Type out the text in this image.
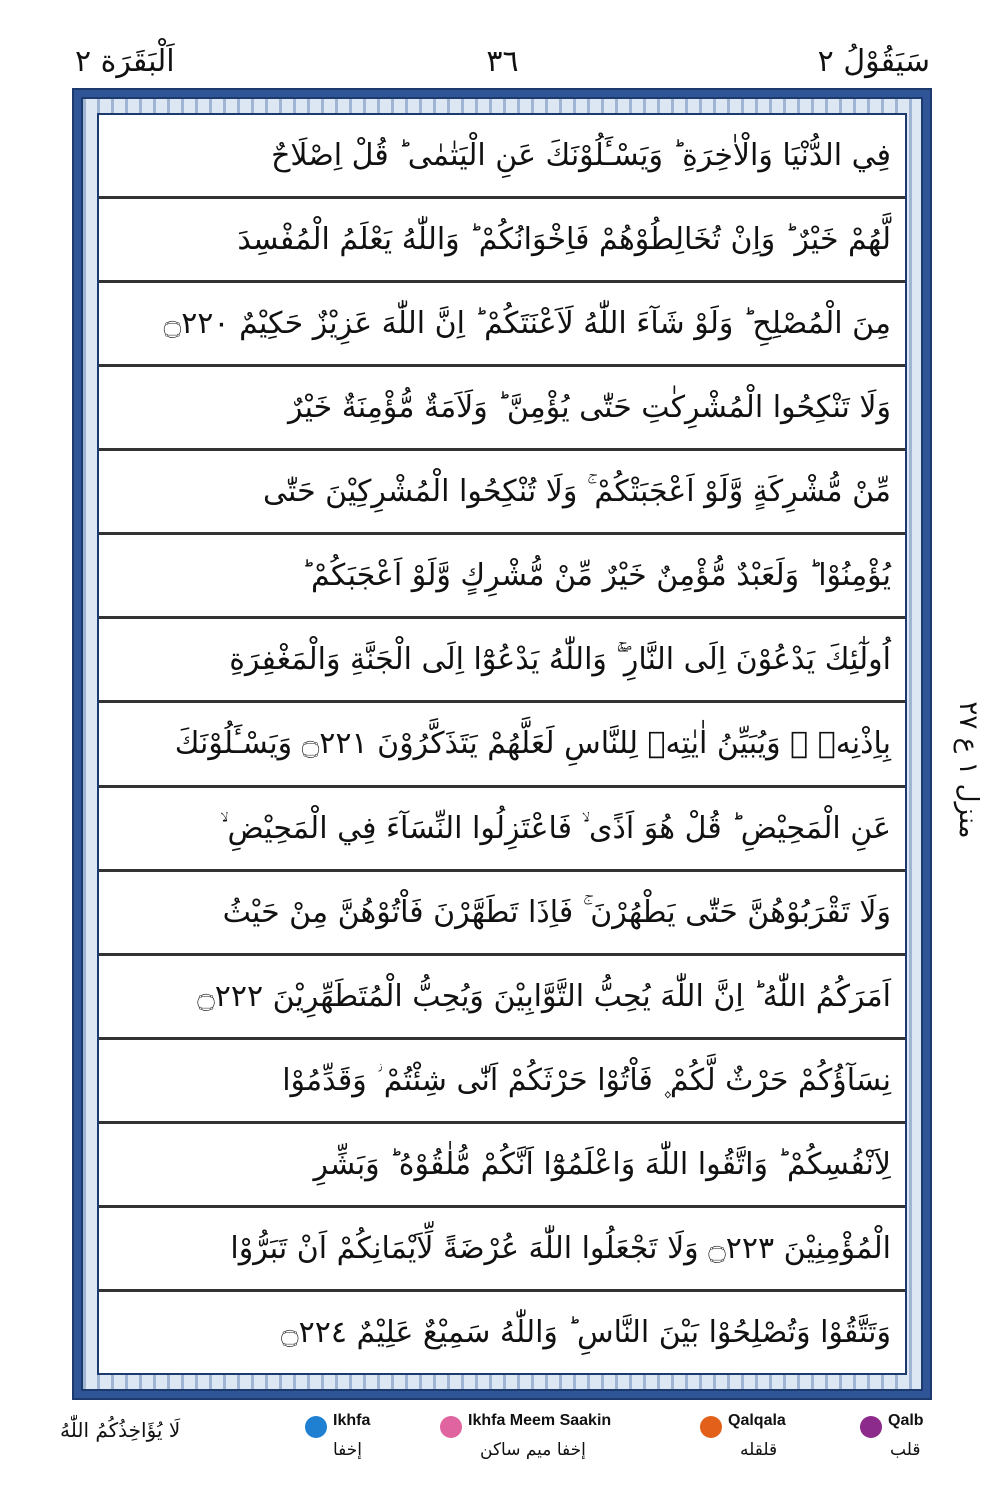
اَلْبَقَرَة ٢	٣٦	سَيَقُوْلُ ٢
فِي الدُّنْيَا وَالْاٰخِرَةِ ؕ وَيَسْـَٔلُوْنَكَ عَنِ الْيَتٰمٰى ؕ قُلْ اِصْلَاحٌ
لَّهُمْ خَيْرٌ ؕ وَاِنْ تُخَالِطُوْهُمْ فَاِخْوَانُكُمْ ؕ وَاللّٰهُ يَعْلَمُ الْمُفْسِدَ
مِنَ الْمُصْلِحِ ؕ وَلَوْ شَآءَ اللّٰهُ لَاَعْنَتَكُمْ ؕ اِنَّ اللّٰهَ عَزِيْزٌ حَكِيْمٌ ۝٢٢٠
وَلَا تَنْكِحُوا الْمُشْرِكٰتِ حَتّٰى يُؤْمِنَّ ؕ وَلَاَمَةٌ مُّؤْمِنَةٌ خَيْرٌ
مِّنْ مُّشْرِكَةٍ وَّلَوْ اَعْجَبَتْكُمْ ۚ وَلَا تُنْكِحُوا الْمُشْرِكِيْنَ حَتّٰى
يُؤْمِنُوْا ؕ وَلَعَبْدٌ مُّؤْمِنٌ خَيْرٌ مِّنْ مُّشْرِكٍ وَّلَوْ اَعْجَبَكُمْ ؕ
اُولٰٓئِكَ يَدْعُوْنَ اِلَى النَّارِ ۖۚ وَاللّٰهُ يَدْعُوْٓا اِلَى الْجَنَّةِ وَالْمَغْفِرَةِ
بِاِذْنِهٖ ۚ وَيُبَيِّنُ اٰيٰتِهٖ لِلنَّاسِ لَعَلَّهُمْ يَتَذَكَّرُوْنَ ۝٢٢١ وَيَسْـَٔلُوْنَكَ
عَنِ الْمَحِيْضِ ؕ قُلْ هُوَ اَذًى ۙ فَاعْتَزِلُوا النِّسَآءَ فِي الْمَحِيْضِ ۙ
وَلَا تَقْرَبُوْهُنَّ حَتّٰى يَطْهُرْنَ ۚ فَاِذَا تَطَهَّرْنَ فَاْتُوْهُنَّ مِنْ حَيْثُ
اَمَرَكُمُ اللّٰهُ ؕ اِنَّ اللّٰهَ يُحِبُّ التَّوَّابِيْنَ وَيُحِبُّ الْمُتَطَهِّرِيْنَ ۝٢٢٢
نِسَآؤُكُمْ حَرْثٌ لَّكُمْ ۪ فَاْتُوْا حَرْثَكُمْ اَنّٰى شِئْتُمْ ؗ وَقَدِّمُوْا
لِاَنْفُسِكُمْ ؕ وَاتَّقُوا اللّٰهَ وَاعْلَمُوْٓا اَنَّكُمْ مُّلٰقُوْهُ ؕ وَبَشِّرِ
الْمُؤْمِنِيْنَ ۝٢٢٣ وَلَا تَجْعَلُوا اللّٰهَ عُرْضَةً لِّاَيْمَانِكُمْ اَنْ تَبَرُّوْا
وَتَتَّقُوْا وَتُصْلِحُوْا بَيْنَ النَّاسِ ؕ وَاللّٰهُ سَمِيْعٌ عَلِيْمٌ ۝٢٢٤
منزل ١ ع ٢٧
لَا يُؤَاخِذُكُمُ اللّٰهُ	Ikhfa
إخفا
Ikhfa Meem Saakin
إخفا ميم ساكن
Qalqala
قلقله
Qalb
قلب
